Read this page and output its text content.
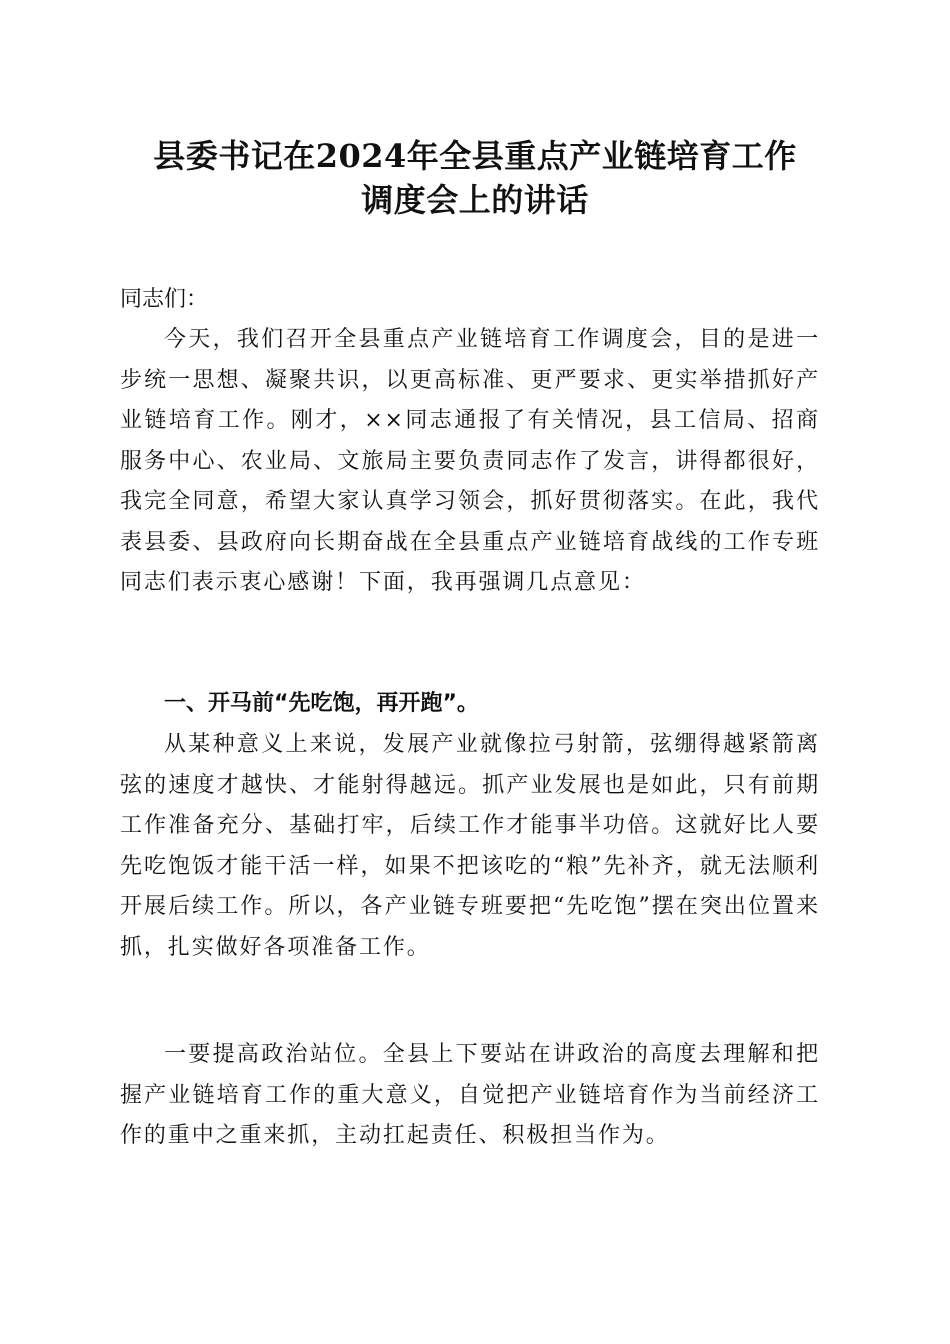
县委书记在2024年全县重点产业链培育工作
调度会上的讲话
同志们：

今天，我们召开全县重点产业链培育工作调度会，目的是进一步统一思想、凝聚共识，以更高标准、更严要求、更实举措抓好产业链培育工作。刚才，××同志通报了有关情况，县工信局、招商服务中心、农业局、文旅局主要负责同志作了发言，讲得都很好，我完全同意，希望大家认真学习领会，抓好贯彻落实。在此，我代表县委、县政府向长期奋战在全县重点产业链培育战线的工作专班同志们表示衷心感谢！下面，我再强调几点意见：

一、开马前“先吃饱，再开跑”。

从某种意义上来说，发展产业就像拉弓射箭，弦绷得越紧箭离弦的速度才越快、才能射得越远。抓产业发展也是如此，只有前期工作准备充分、基础打牢，后续工作才能事半功倍。这就好比人要先吃饱饭才能干活一样，如果不把该吃的“粮”先补齐，就无法顺利开展后续工作。所以，各产业链专班要把“先吃饱”摆在突出位置来抓，扎实做好各项准备工作。

一要提高政治站位。全县上下要站在讲政治的高度去理解和把握产业链培育工作的重大意义，自觉把产业链培育作为当前经济工作的重中之重来抓，主动扛起责任、积极担当作为。
